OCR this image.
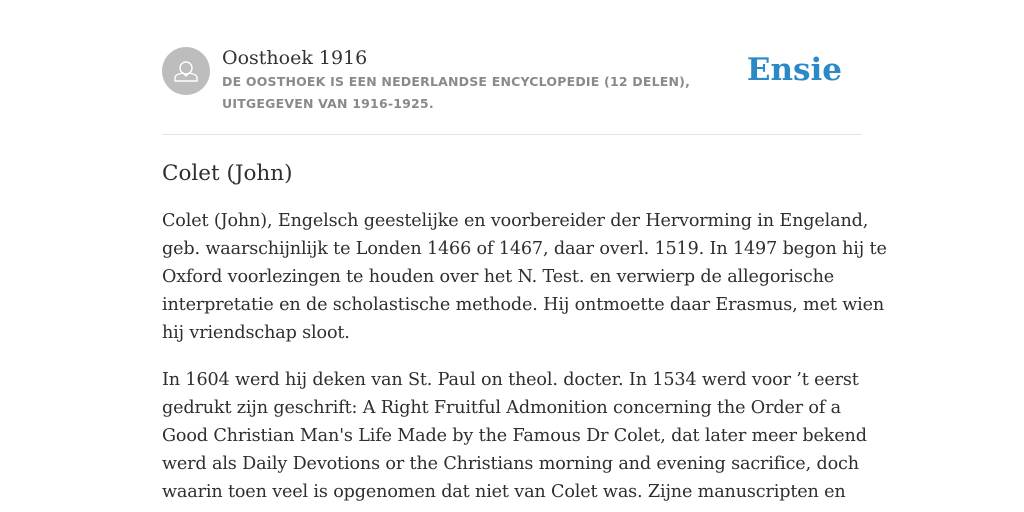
Oosthoek 1916
DE OOSTHOEK IS EEN NEDERLANDSE ENCYCLOPEDIE (12 DELEN), UITGEGEVEN VAN 1916-1925.
Ensie
Colet (John)

Colet (John), Engelsch geestelijke en voorbereider der Hervorming in Engeland,
geb. waarschijnlijk te Londen 1466 of 1467, daar overl. 1519. In 1497 begon hij te
Oxford voorlezingen te houden over het N. Test. en verwierp de allegorische
interpretatie en de scholastische methode. Hij ontmoette daar Erasmus, met wien
hij vriendschap sloot.

In 1604 werd hij deken van St. Paul on theol. docter. In 1534 werd voor ’t eerst
gedrukt zijn geschrift: A Right Fruitful Admonition concerning the Order of a
Good Christian Man's Life Made by the Famous Dr Colet, dat later meer bekend
werd als Daily Devotions or the Christians morning and evening sacrifice, doch
waarin toen veel is opgenomen dat niet van Colet was. Zijne manuscripten en
